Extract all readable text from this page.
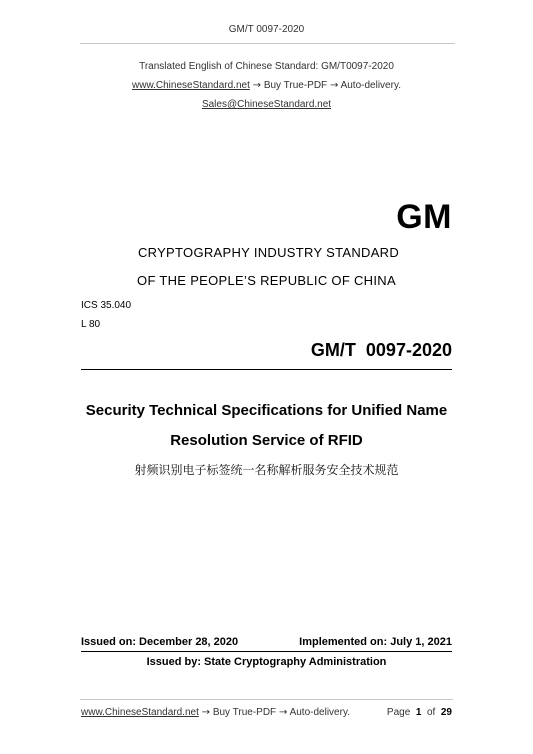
GM/T 0097-2020
Translated English of Chinese Standard: GM/T0097-2020
www.ChineseStandard.net → Buy True-PDF → Auto-delivery.
Sales@ChineseStandard.net
GM
CRYPTOGRAPHY INDUSTRY STANDARD
OF THE PEOPLE’S REPUBLIC OF CHINA
ICS 35.040
L 80
GM/T  0097-2020
Security Technical Specifications for Unified Name
Resolution Service of RFID
射频识别电子标签统一名称解析服务安全技术规范
Issued on: December 28, 2020	Implemented on: July 1, 2021
Issued by: State Cryptography Administration
www.ChineseStandard.net → Buy True-PDF → Auto-delivery.	Page 1 of 29
